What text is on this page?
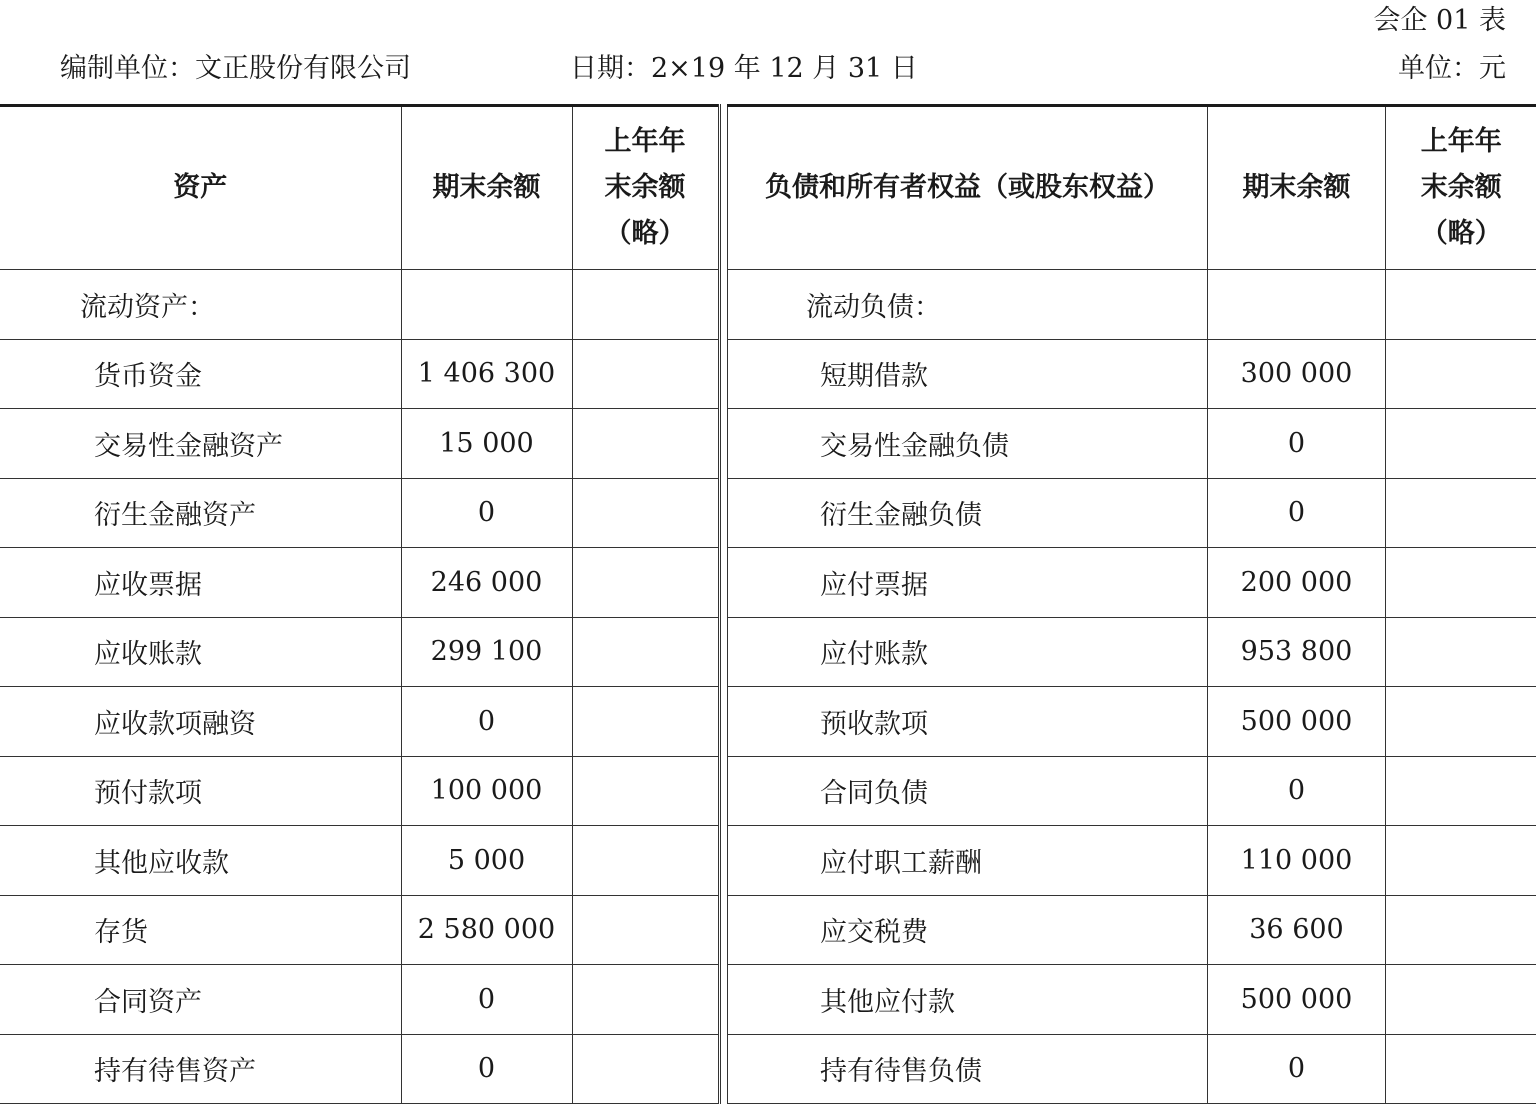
会企 01 表
编制单位：文正股份有限公司	日期：2×19 年 12 月 31 日	单位：元
资产	期末余额	上年年
末余额
（略）

流动资产：		
货币资金	1 406 300	
交易性金融资产	15 000	
衍生金融资产	0	
应收票据	246 000	
应收账款	299 100	
应收款项融资	0	
预付款项	100 000	
其他应收款	5 000	
存货	2 580 000	
合同资产	0	
持有待售资产	0	
负债和所有者权益（或股东权益）	期末余额	上年年
末余额
（略）

流动负债：		
短期借款	300 000	
交易性金融负债	0	
衍生金融负债	0	
应付票据	200 000	
应付账款	953 800	
预收款项	500 000	
合同负债	0	
应付职工薪酬	110 000	
应交税费	36 600	
其他应付款	500 000	
持有待售负债	0	
